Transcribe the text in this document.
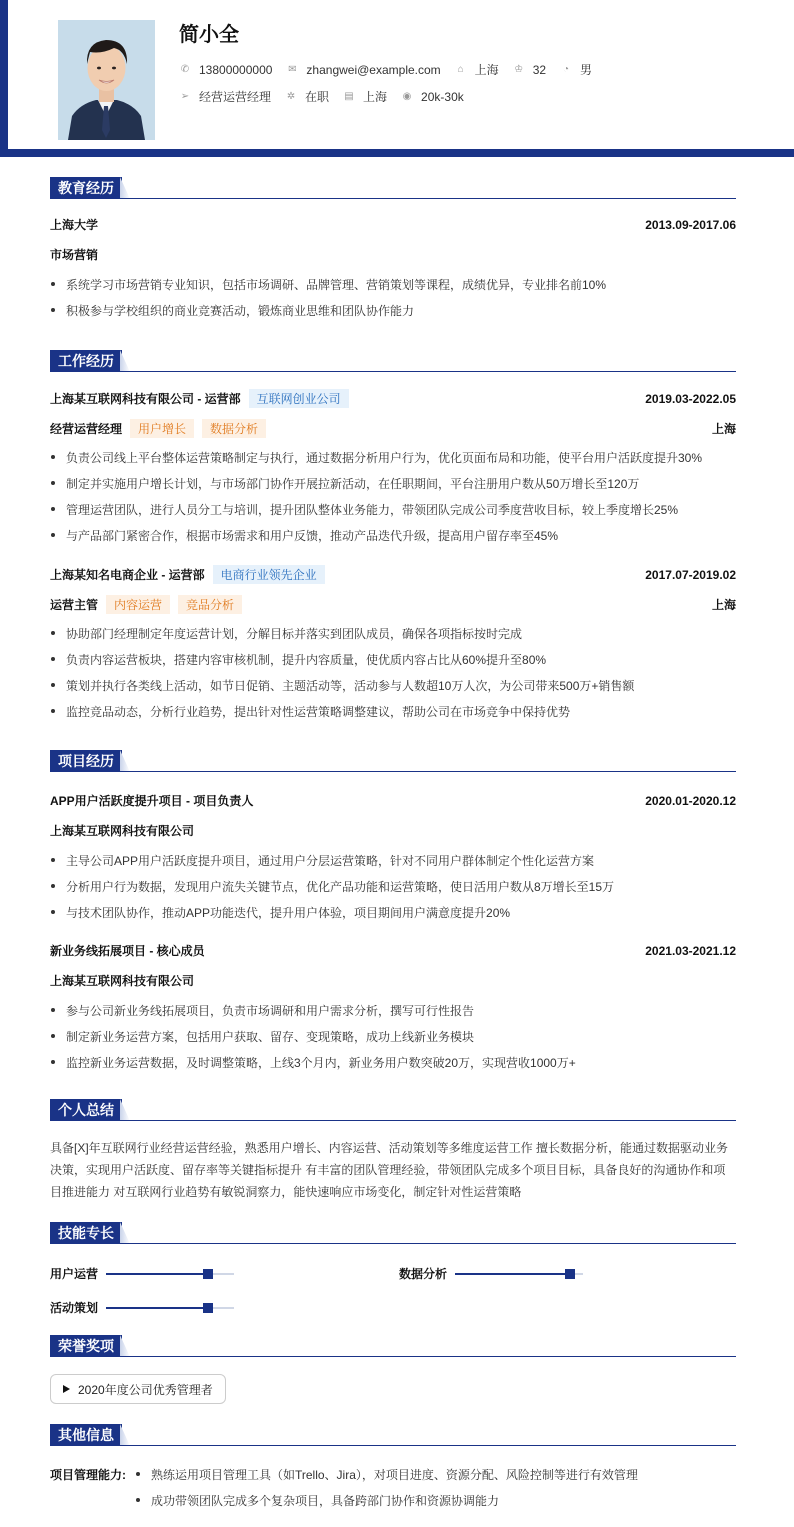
简小全
✆ 13800000000 ✉ zhangwei@example.com ⌂ 上海 ♔ 32 ◔ 男
➢ 经营运营经理 ✲ 在职 ▤ 上海 ◉ 20k-30k
教育经历
上海大学	2013.09-2017.06
市场营销
系统学习市场营销专业知识，包括市场调研、品牌管理、营销策划等课程，成绩优异，专业排名前10%
积极参与学校组织的商业竞赛活动，锻炼商业思维和团队协作能力
工作经历
上海某互联网科技有限公司 - 运营部 互联网创业公司	2019.03-2022.05
经营运营经理 用户增长 数据分析	上海
负责公司线上平台整体运营策略制定与执行，通过数据分析用户行为，优化页面布局和功能，使平台用户活跃度提升30%
制定并实施用户增长计划，与市场部门协作开展拉新活动，在任职期间，平台注册用户数从50万增长至120万
管理运营团队，进行人员分工与培训，提升团队整体业务能力，带领团队完成公司季度营收目标，较上季度增长25%
与产品部门紧密合作，根据市场需求和用户反馈，推动产品迭代升级，提高用户留存率至45%
上海某知名电商企业 - 运营部 电商行业领先企业	2017.07-2019.02
运营主管 内容运营 竞品分析	上海
协助部门经理制定年度运营计划，分解目标并落实到团队成员，确保各项指标按时完成
负责内容运营板块，搭建内容审核机制，提升内容质量，使优质内容占比从60%提升至80%
策划并执行各类线上活动，如节日促销、主题活动等，活动参与人数超10万人次，为公司带来500万+销售额
监控竞品动态，分析行业趋势，提出针对性运营策略调整建议，帮助公司在市场竞争中保持优势
项目经历
APP用户活跃度提升项目 - 项目负责人	2020.01-2020.12
上海某互联网科技有限公司
主导公司APP用户活跃度提升项目，通过用户分层运营策略，针对不同用户群体制定个性化运营方案
分析用户行为数据，发现用户流失关键节点，优化产品功能和运营策略，使日活用户数从8万增长至15万
与技术团队协作，推动APP功能迭代，提升用户体验，项目期间用户满意度提升20%
新业务线拓展项目 - 核心成员	2021.03-2021.12
上海某互联网科技有限公司
参与公司新业务线拓展项目，负责市场调研和用户需求分析，撰写可行性报告
制定新业务运营方案，包括用户获取、留存、变现策略，成功上线新业务模块
监控新业务运营数据，及时调整策略，上线3个月内，新业务用户数突破20万，实现营收1000万+
个人总结
具备[X]年互联网行业经营运营经验，熟悉用户增长、内容运营、活动策划等多维度运营工作 擅长数据分析，能通过数据驱动业务
决策，实现用户活跃度、留存率等关键指标提升 有丰富的团队管理经验，带领团队完成多个项目目标，具备良好的沟通协作和项
目推进能力 对互联网行业趋势有敏锐洞察力，能快速响应市场变化，制定针对性运营策略
技能专长
用户运营	数据分析
活动策划
荣誉奖项
2020年度公司优秀管理者
其他信息
项目管理能力:	熟练运用项目管理工具（如Trello、Jira），对项目进度、资源分配、风险控制等进行有效管理
成功带领团队完成多个复杂项目，具备跨部门协作和资源协调能力
